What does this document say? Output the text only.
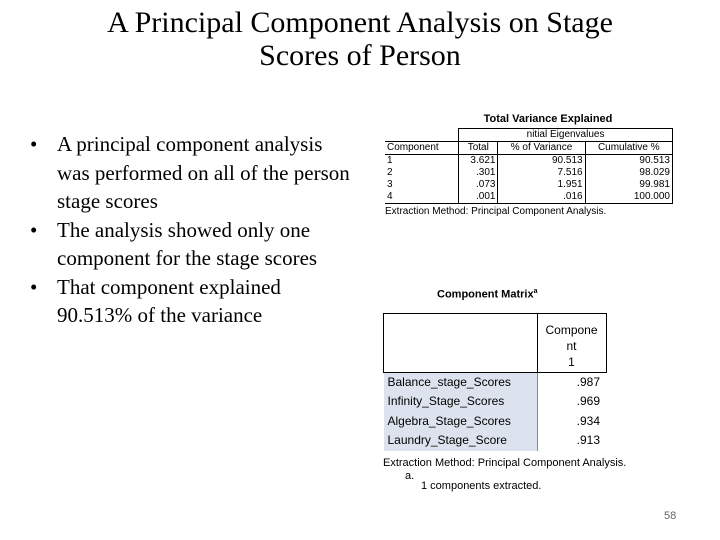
A Principal Component Analysis on Stage
Scores of Person
• A principal component analysis was performed on all of the person stage scores
• The analysis showed only one component for the stage scores
• That component explained 90.513% of the variance
Total Variance Explained
	nitial Eigenvalues		
Component	Total	% of Variance	Cumulative %
1	3.621	90.513	90.513
2	.301	7.516	98.029
3	.073	1.951	99.981
4	.001	.016	100.000
Extraction Method: Principal Component Analysis.
Component Matrix$^a$

	Compone nt
1

Balance_stage_Scores	.987
Infinity_Stage_Scores	.969
Algebra_Stage_Scores	.934
Laundry_Stage_Score	.913
Extraction Method: Principal Component Analysis.
a.
1 components extracted.
58
